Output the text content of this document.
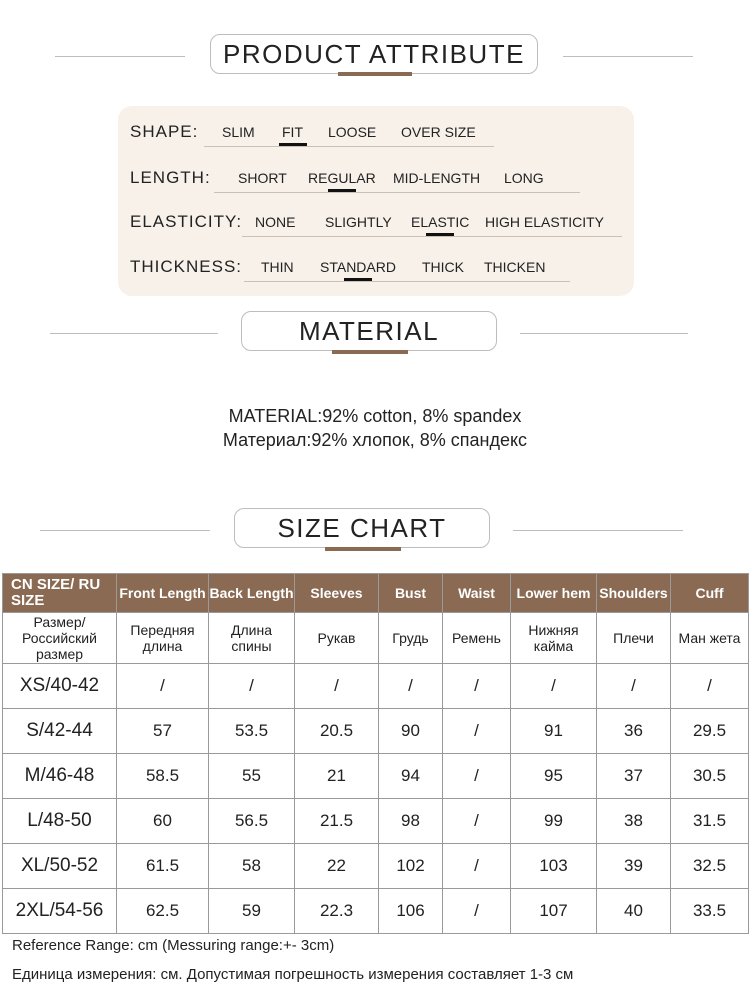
PRODUCT ATTRIBUTE
SHAPE: SLIM FIT LOOSE OVER SIZE
LENGTH: SHORT REGULAR MID-LENGTH LONG
ELASTICITY: NONE SLIGHTLY ELASTIC HIGH ELASTICITY
THICKNESS: THIN STANDARD THICK THICKEN
MATERIAL
MATERIAL:92% cotton, 8% spandex
Материал:92% хлопок, 8% спандекс
SIZE CHART
CN SIZE/ RU SIZE	Front Length	Back Length	Sleeves	Bust	Waist	Lower hem	Shoulders	Cuff
Размер/ Российский размер	Передняя длина	Длина спины	Рукав	Грудь	Ремень	Нижняя кайма	Плечи	Ман жета
XS/40-42	/	/	/	/	/	/	/	/
S/42-44	57	53.5	20.5	90	/	91	36	29.5
M/46-48	58.5	55	21	94	/	95	37	30.5
L/48-50	60	56.5	21.5	98	/	99	38	31.5
XL/50-52	61.5	58	22	102	/	103	39	32.5
2XL/54-56	62.5	59	22.3	106	/	107	40	33.5
Reference Range: cm (Messuring range:+- 3cm)
Единица измерения: см. Допустимая погрешность измерения составляет 1-3 см
